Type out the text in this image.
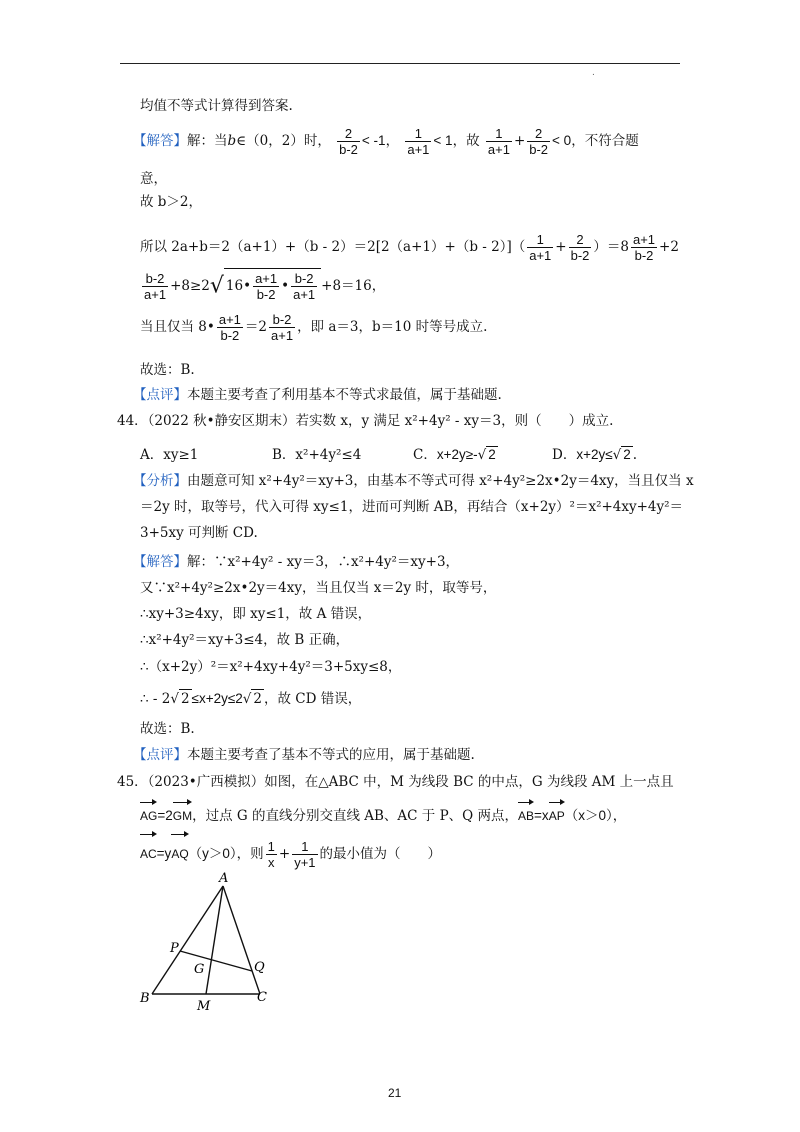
.
均值不等式计算得到答案.
【解答】解：当b∈（0，2）时， $\frac{2}{b-2} < -1$， $\frac{1}{a+1} < 1$，故 $\frac{1}{a+1} + \frac{2}{b-2} < 0$，不符合题
意，
故 b＞2，
所以 $2a+b=2(a+1)+(b - 2)=2[2(a+1)+(b - 2)]( \frac{1}{a+1} + \frac{2}{b-2} )=8 \frac{a+1}{b-2} +2$
$\frac{b-2}{a+1} +8\ge 2√$ 16• $\frac{a+1}{b-2}$ • $\frac{b-2}{a+1} +8=16$，
当且仅当 8• $\frac{a+1}{b-2} =2 \frac{b-2}{a+1}$ ，即 a＝3，b＝10 时等号成立.
故选：B.
【点评】本题主要考查了利用基本不等式求最值，属于基础题.
44．（2022 秋•静安区期末）若实数 x，y 满足 x²+4y² - xy＝3，则（　　）成立.
A．xy≥1	B．x²+4y²≤4	C．x+2y≥-√ 2	D．x+2y≤√ 2 .
【分析】由题意可知 x²+4y²＝xy+3，由基本不等式可得 x²+4y²≥2x•2y＝4xy，当且仅当 x
＝2y 时，取等号，代入可得 xy≤1，进而可判断 AB，再结合（x+2y）²＝x²+4xy+4y²＝
3+5xy 可判断 CD.
【解答】解：∵x²+4y² - xy＝3，∴x²+4y²＝xy+3，
又∵x²+4y²≥2x•2y＝4xy，当且仅当 x＝2y 时，取等号，
∴xy+3≥4xy，即 xy≤1，故 A 错误，
∴x²+4y²＝xy+3≤4，故 B 正确，
∴（x+2y）²＝x²+4xy+4y²＝3+5xy≤8，
∴ - 2√ 2 ≤x+2y≤2√ 2 ，故 CD 错误，
故选：B.
【点评】本题主要考查了基本不等式的应用，属于基础题.
45．（2023•广西模拟）如图，在△ABC 中，M 为线段 BC 的中点，G 为线段 AM 上一点且
AG=2GM，过点 G 的直线分别交直线 AB、AC 于 P、Q 两点，AB=xAP（x＞0），
AC=yAQ（y＞0），则 $\frac{1}{x} + \frac{1}{y+1}$ 的最小值为（　　）
A
B	C
M
P
Q
G
21
